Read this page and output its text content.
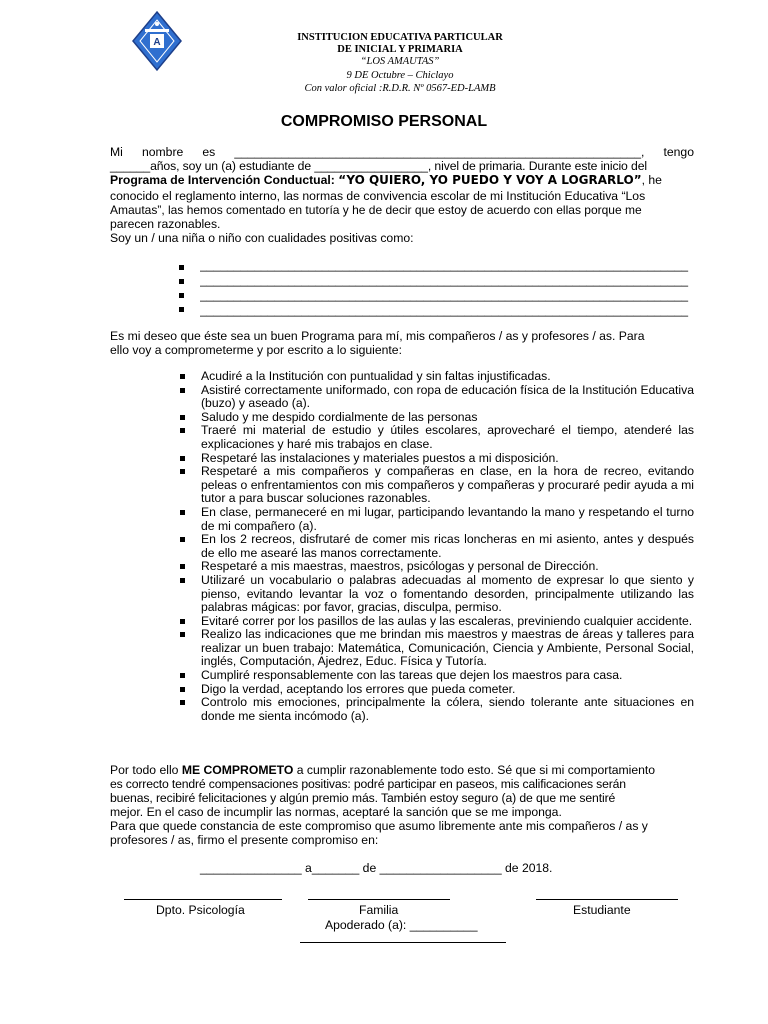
A	INSTITUCION EDUCATIVA PARTICULAR
DE INICIAL Y PRIMARIA
“LOS AMAUTAS”
9 DE Octubre – Chiclayo
Con valor oficial :R.D.R. Nº 0567-ED-LAMB
COMPROMISO PERSONAL
Mi nombre es ____________________________________________________________, tengo
______años, soy un (a) estudiante de _________________, nivel de primaria. Durante este inicio del
Programa de Intervención Conductual: “YO QUIERO, YO PUEDO Y VOY A LOGRARLO”, he
conocido el reglamento interno, las normas de convivencia escolar de mi Institución Educativa “Los
Amautas”, las hemos comentado en tutoría y he de decir que estoy de acuerdo con ellas porque me
parecen razonables.
Soy un / una niña o niño con cualidades positivas como:
________________________________________________________________________
________________________________________________________________________
________________________________________________________________________
________________________________________________________________________
Es mi deseo que éste sea un buen Programa para mí, mis compañeros / as y profesores / as. Para
ello voy a comprometerme y por escrito a lo siguiente:
Acudiré a la Institución con puntualidad y sin faltas injustificadas.
Asistiré correctamente uniformado, con ropa de educación física de la Institución Educativa (buzo) y aseado (a).
Saludo y me despido cordialmente de las personas
Traeré mi material de estudio y útiles escolares, aprovecharé el tiempo, atenderé las explicaciones y haré mis trabajos en clase.
Respetaré las instalaciones y materiales puestos a mi disposición.
Respetaré a mis compañeros y compañeras en clase, en la hora de recreo, evitando peleas o enfrentamientos con mis compañeros y compañeras y procuraré pedir ayuda a mi tutor a para buscar soluciones razonables.
En clase, permaneceré en mi lugar, participando levantando la mano y respetando el turno de mi compañero (a).
En los 2 recreos, disfrutaré de comer mis ricas loncheras en mi asiento, antes y después de ello me asearé las manos correctamente.
Respetaré a mis maestras, maestros, psicólogas y personal de Dirección.
Utilizaré un vocabulario o palabras adecuadas al momento de expresar lo que siento y pienso, evitando levantar la voz o fomentando desorden, principalmente utilizando las palabras mágicas: por favor, gracias, disculpa, permiso.
Evitaré correr por los pasillos de las aulas y las escaleras, previniendo cualquier accidente.
Realizo las indicaciones que me brindan mis maestros y maestras de áreas y talleres para realizar un buen trabajo: Matemática, Comunicación, Ciencia y Ambiente, Personal Social, inglés, Computación, Ajedrez, Educ. Física y Tutoría.
Cumpliré responsablemente con las tareas que dejen los maestros para casa.
Digo la verdad, aceptando los errores que pueda cometer.
Controlo mis emociones, principalmente la cólera, siendo tolerante ante situaciones en donde me sienta incómodo (a).
Por todo ello ME COMPROMETO a cumplir razonablemente todo esto. Sé que si mi comportamiento
es correcto tendré compensaciones positivas: podré participar en paseos, mis calificaciones serán
buenas, recibiré felicitaciones y algún premio más. También estoy seguro (a) de que me sentiré
mejor. En el caso de incumplir las normas, aceptaré la sanción que se me imponga.
Para que quede constancia de este compromiso que asumo libremente ante mis compañeros / as y
profesores / as, firmo el presente compromiso en:
_______________ a_______ de __________________ de 2018.
Dpto. Psicología	Familia	Estudiante
Apoderado (a): __________
